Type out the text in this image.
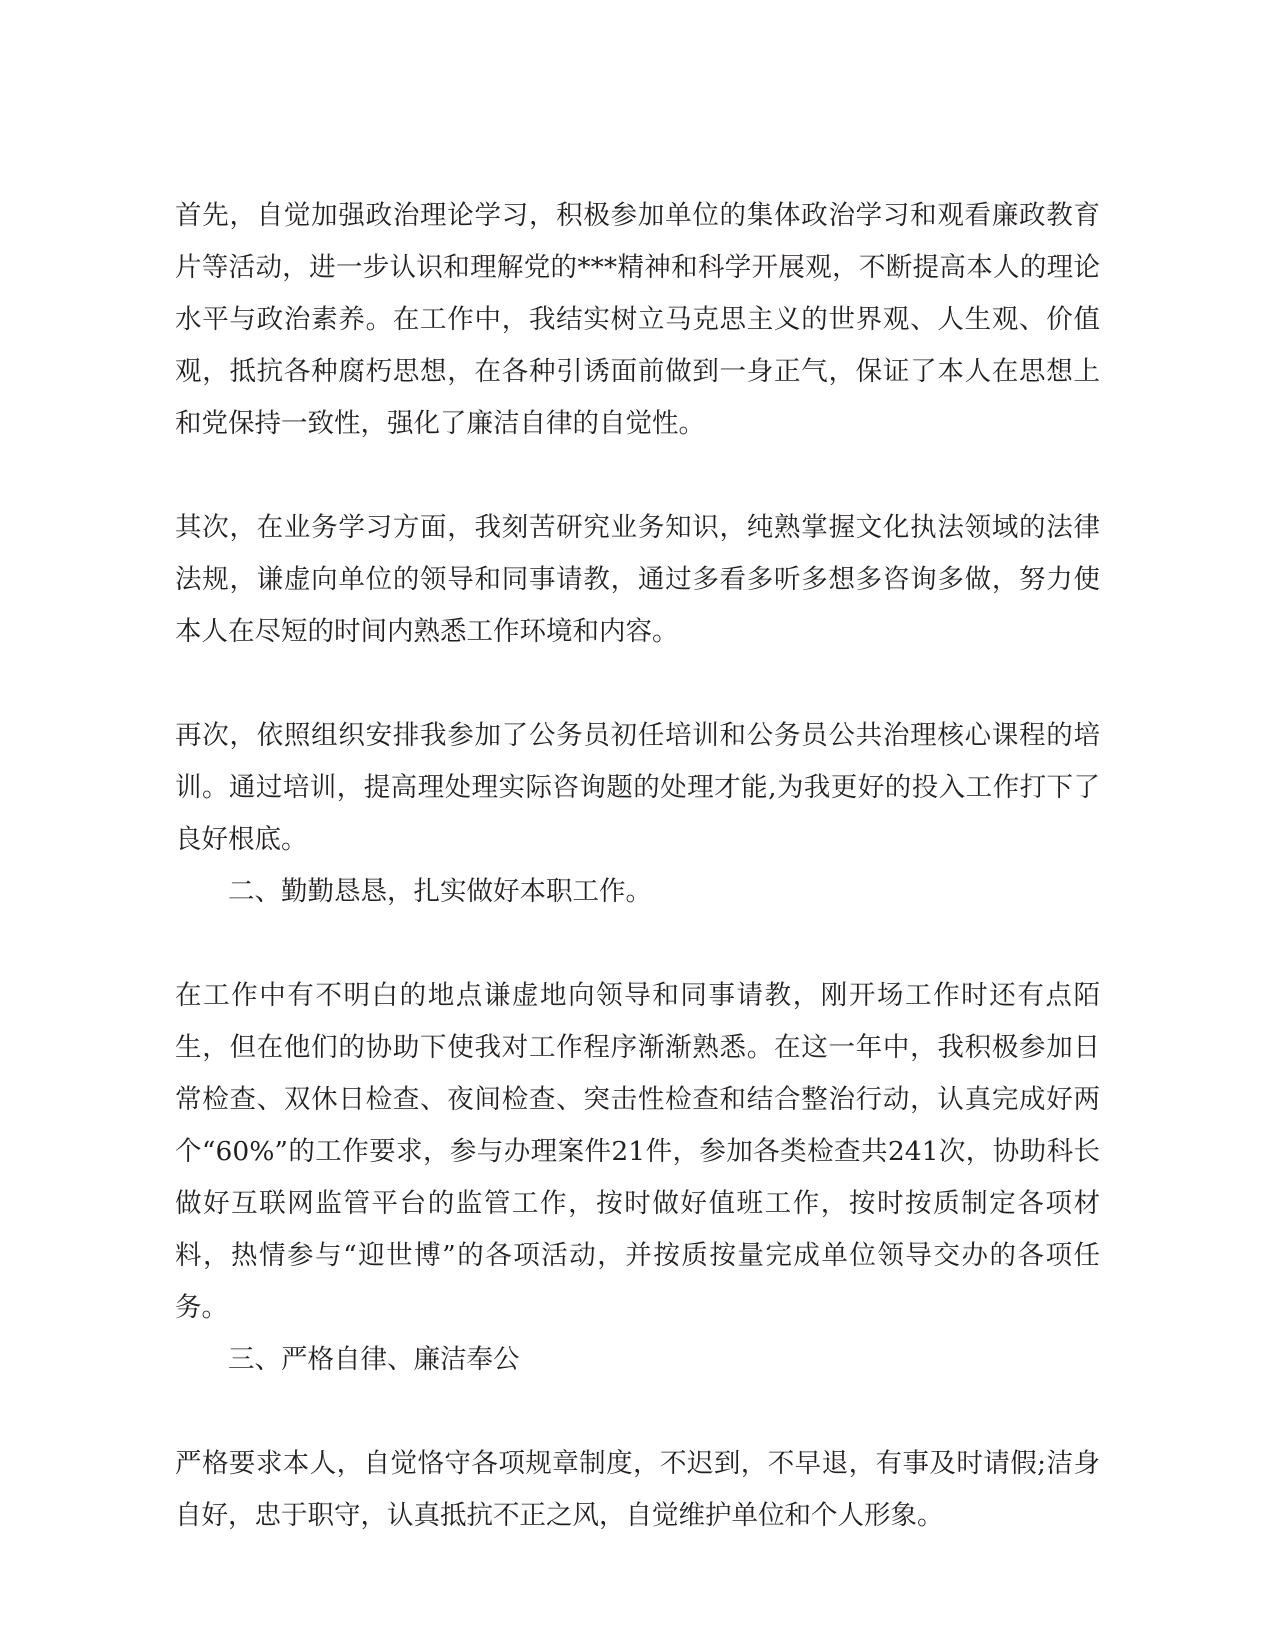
首先，自觉加强政治理论学习，积极参加单位的集体政治学习和观看廉政教育片等活动，进一步认识和理解党的***精神和科学开展观，不断提高本人的理论水平与政治素养。在工作中，我结实树立马克思主义的世界观、人生观、价值观，抵抗各种腐朽思想，在各种引诱面前做到一身正气，保证了本人在思想上和党保持一致性，强化了廉洁自律的自觉性。

其次，在业务学习方面，我刻苦研究业务知识，纯熟掌握文化执法领域的法律法规，谦虚向单位的领导和同事请教，通过多看多听多想多咨询多做，努力使本人在尽短的时间内熟悉工作环境和内容。

再次，依照组织安排我参加了公务员初任培训和公务员公共治理核心课程的培训。通过培训，提高理处理实际咨询题的处理才能,为我更好的投入工作打下了良好根底。

二、勤勤恳恳，扎实做好本职工作。

在工作中有不明白的地点谦虚地向领导和同事请教，刚开场工作时还有点陌生，但在他们的协助下使我对工作程序渐渐熟悉。在这一年中，我积极参加日常检查、双休日检查、夜间检查、突击性检查和结合整治行动，认真完成好两个“60%”的工作要求，参与办理案件21件，参加各类检查共241次，协助科长做好互联网监管平台的监管工作，按时做好值班工作，按时按质制定各项材料，热情参与“迎世博”的各项活动，并按质按量完成单位领导交办的各项任务。

三、严格自律、廉洁奉公

严格要求本人，自觉恪守各项规章制度，不迟到，不早退，有事及时请假;洁身自好，忠于职守，认真抵抗不正之风，自觉维护单位和个人形象。
